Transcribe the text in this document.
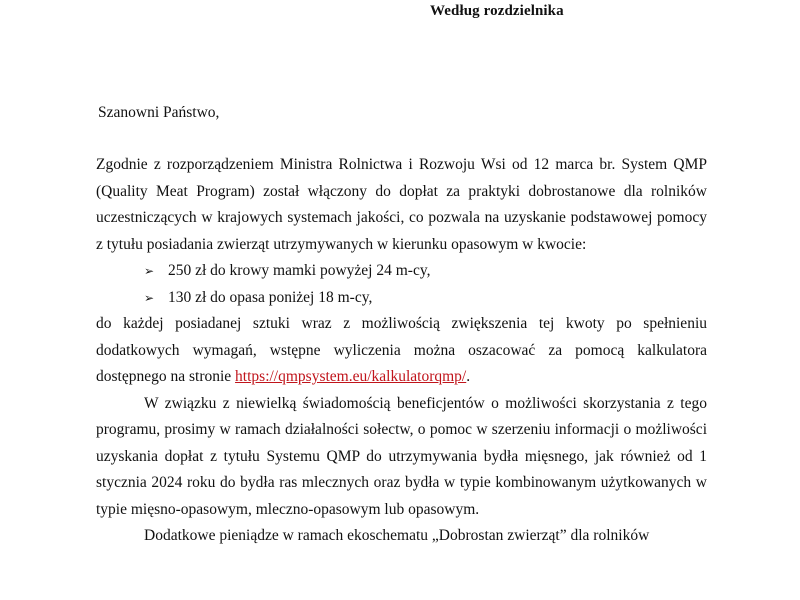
Według rozdzielnika
Szanowni Państwo,

Zgodnie z rozporządzeniem Ministra Rolnictwa i Rozwoju Wsi od 12 marca br. System QMP (Quality Meat Program) został włączony do dopłat za praktyki dobrostanowe dla rolników uczestniczących w krajowych systemach jakości, co pozwala na uzyskanie podstawowej pomocy z tytułu posiadania zwierząt utrzymywanych w kierunku opasowym w kwocie:

➢ 250 zł do krowy mamki powyżej 24 m-cy,
➢ 130 zł do opasa poniżej 18 m-cy,

do każdej posiadanej sztuki wraz z możliwością zwiększenia tej kwoty po spełnieniu dodatkowych wymagań, wstępne wyliczenia można oszacować za pomocą kalkulatora dostępnego na stronie https://qmpsystem.eu/kalkulatorqmp/.

W związku z niewielką świadomością beneficjentów o możliwości skorzystania z tego programu, prosimy w ramach działalności sołectw, o pomoc w szerzeniu informacji o możliwości uzyskania dopłat z tytułu Systemu QMP do utrzymywania bydła mięsnego, jak również od 1 stycznia 2024 roku do bydła ras mlecznych oraz bydła w typie kombinowanym użytkowanych w typie mięsno-opasowym, mleczno-opasowym lub opasowym.

Dodatkowe pieniądze w ramach ekoschematu „Dobrostan zwierząt” dla rolników
